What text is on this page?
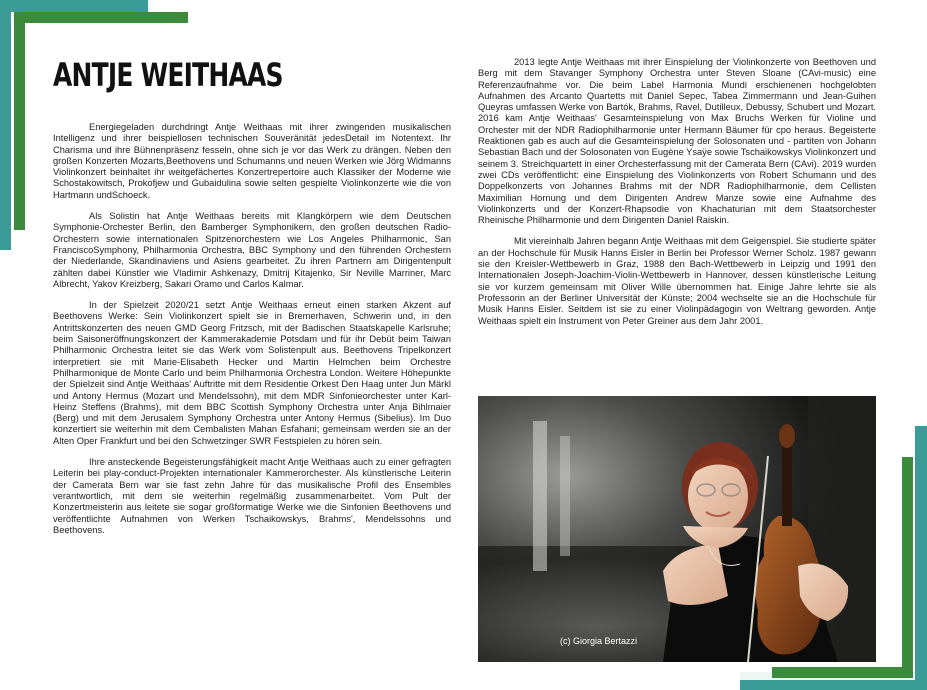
ANTJE WEITHAAS

Energiegeladen durchdringt Antje Weithaas mit ihrer zwingenden musikalischen Intelligenz und ihrer beispiellosen technischen Souveränität jedesDetail im Notentext. Ihr Charisma und ihre Bühnenpräsenz fesseln, ohne sich je vor das Werk zu drängen. Neben den großen Konzerten Mozarts,Beethovens und Schumanns und neuen Werken wie Jörg Widmanns Violinkonzert beinhaltet ihr weitgefächertes Konzertrepertoire auch Klassiker der Moderne wie Schostakowitsch, Prokofjew und Gubaidulina sowie selten gespielte Violinkonzerte wie die von Hartmann undSchoeck.

Als Solistin hat Antje Weithaas bereits mit Klangkörpern wie dem Deutschen Symphonie-Orchester Berlin, den Bamberger Symphonikern, den großen deutschen Radio-Orchestern sowie internationalen Spitzenorchestern wie Los Angeles Philharmonic, San FranciscoSymphony, Philharmonia Orchestra, BBC Symphony und den führenden Orchestern der Niederlande, Skandinaviens und Asiens gearbeitet. Zu ihren Partnern am Dirigentenpult zählten dabei Künstler wie Vladimir Ashkenazy, Dmitrij Kitajenko, Sir Neville Marriner, Marc Albrecht, Yakov Kreizberg, Sakari Oramo und Carlos Kalmar.

In der Spielzeit 2020/21 setzt Antje Weithaas erneut einen starken Akzent auf Beethovens Werke: Sein Violinkonzert spielt sie in Bremerhaven, Schwerin und, in den Antrittskonzerten des neuen GMD Georg Fritzsch, mit der Badischen Staatskapelle Karlsruhe; beim Saisoneröffnungskonzert der Kammerakademie Potsdam und für ihr Debüt beim Taiwan Philharmonic Orchestra leitet sie das Werk vom Solistenpult aus. Beethovens Tripelkonzert interpretiert sie mit Marie-Elisabeth Hecker und Martin Helmchen beim Orchestre Philharmonique de Monte Carlo und beim Philharmonia Orchestra London. Weitere Höhepunkte der Spielzeit sind Antje Weithaas' Auftritte mit dem Residentie Orkest Den Haag unter Jun Märkl und Antony Hermus (Mozart und Mendelssohn), mit dem MDR Sinfonieorchester unter Karl-Heinz Steffens (Brahms), mit dem BBC Scottish Symphony Orchestra unter Anja Bihlmaier (Berg) und mit dem Jerusalem Symphony Orchestra unter Antony Hermus (Sibelius). Im Duo konzertiert sie weiterhin mit dem Cembalisten Mahan Esfahani; gemeinsam werden sie an der Alten Oper Frankfurt und bei den Schwetzinger SWR Festspielen zu hören sein.

Ihre ansteckende Begeisterungsfähigkeit macht Antje Weithaas auch zu einer gefragten Leiterin bei play-conduct-Projekten internationaler Kammerorchester. Als künstlerische Leiterin der Camerata Bern war sie fast zehn Jahre für das musikalische Profil des Ensembles verantwortlich, mit dem sie weiterhin regelmäßig zusammenarbeitet. Vom Pult der Konzertmeisterin aus leitete sie sogar großformatige Werke wie die Sinfonien Beethovens und veröffentlichte Aufnahmen von Werken Tschaikowskys, Brahms', Mendelssohns und Beethovens.

2013 legte Antje Weithaas mit ihrer Einspielung der Violinkonzerte von Beethoven und Berg mit dem Stavanger Symphony Orchestra unter Steven Sloane (CAvi-music) eine Referenzaufnahme vor. Die beim Label Harmonia Mundi erschienenen hochgelobten Aufnahmen des Arcanto Quartetts mit Daniel Sepec, Tabea Zimmermann und Jean-Guihen Queyras umfassen Werke von Bartók, Brahms, Ravel, Dutilleux, Debussy, Schubert und Mozart. 2016 kam Antje Weithaas' Gesamteinspielung von Max Bruchs Werken für Violine und Orchester mit der NDR Radiophilharmonie unter Hermann Bäumer für cpo heraus. Begeisterte Reaktionen gab es auch auf die Gesamteinspielung der Solosonaten und - partiten von Johann Sebastian Bach und der Solosonaten von Eugène Ysaÿe sowie Tschaikowskys Violinkonzert und seinem 3. Streichquartett in einer Orchesterfassung mit der Camerata Bern (CAvi). 2019 wurden zwei CDs veröffentlicht: eine Einspielung des Violinkonzerts von Robert Schumann und des Doppelkonzerts von Johannes Brahms mit der NDR Radiophilharmonie, dem Cellisten Maximilian Hornung und dem Dirigenten Andrew Manze sowie eine Aufnahme des Violinkonzerts und der Konzert-Rhapsodie von Khachaturian mit dem Staatsorchester Rheinische Philharmonie und dem Dirigenten Daniel Raiskin.

Mit viereinhalb Jahren begann Antje Weithaas mit dem Geigenspiel. Sie studierte später an der Hochschule für Musik Hanns Eisler in Berlin bei Professor Werner Scholz. 1987 gewann sie den Kreisler-Wettbewerb in Graz, 1988 den Bach-Wettbewerb in Leipzig und 1991 den Internationalen Joseph-Joachim-Violin-Wettbewerb in Hannover, dessen künstlerische Leitung sie vor kurzem gemeinsam mit Oliver Wille übernommen hat. Einige Jahre lehrte sie als Professorin an der Berliner Universität der Künste; 2004 wechselte sie an die Hochschule für Musik Hanns Eisler. Seitdem ist sie zu einer Violinpädagogin von Weltrang geworden. Antje Weithaas spielt ein Instrument von Peter Greiner aus dem Jahr 2001.

(c) Giorgia Bertazzi
